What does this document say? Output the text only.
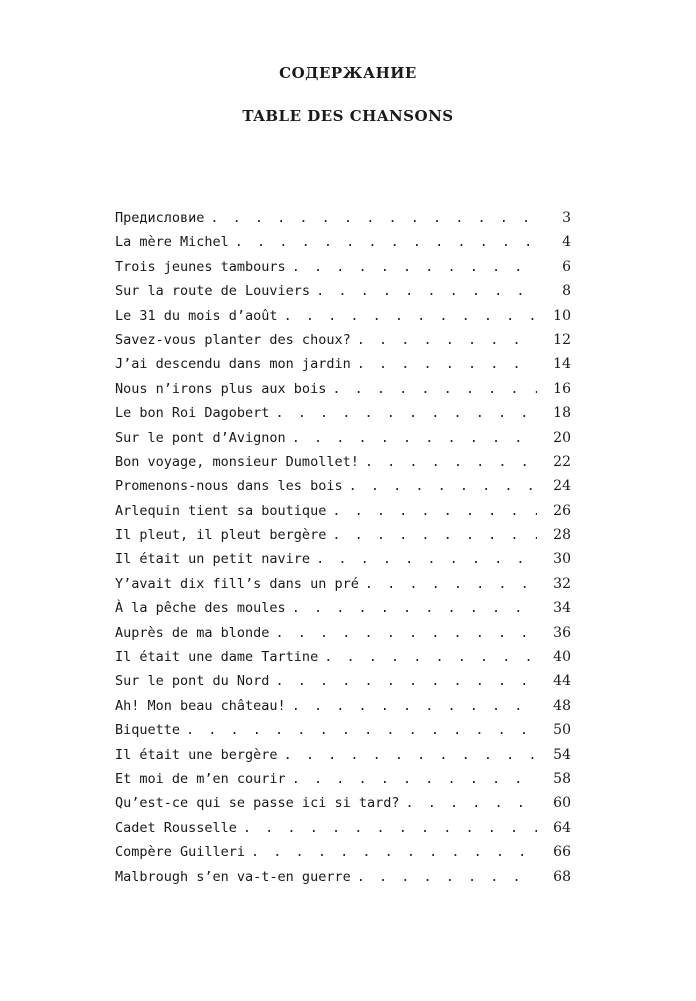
СОДЕРЖАНИЕ
TABLE DES CHANSONS
Предисловие . . .	3
La mère Michel . . .	4
Trois jeunes tambours . . .	6
Sur la route de Louviers . . .	8
Le 31 du mois d’août . . .	10
Savez-vous planter des choux? . . .	12
J’ai descendu dans mon jardin . . .	14
Nous n’irons plus aux bois . . .	16
Le bon Roi Dagobert . . .	18
Sur le pont d’Avignon . . .	20
Bon voyage, monsieur Dumollet! . . .	22
Promenons-nous dans les bois . . .	24
Arlequin tient sa boutique . . .	26
Il pleut, il pleut bergère . . .	28
Il était un petit navire . . .	30
Y’avait dix fill’s dans un pré . . .	32
À la pêche des moules . . .	34
Auprès de ma blonde . . .	36
Il était une dame Tartine . . .	40
Sur le pont du Nord . . .	44
Ah! Mon beau château! . . .	48
Biquette . . .	50
Il était une bergère . . .	54
Et moi de m’en courir . . .	58
Qu’est-ce qui se passe ici si tard? . . .	60
Cadet Rousselle . . .	64
Compère Guilleri . . .	66
Malbrough s’en va-t-en guerre . . .	68
